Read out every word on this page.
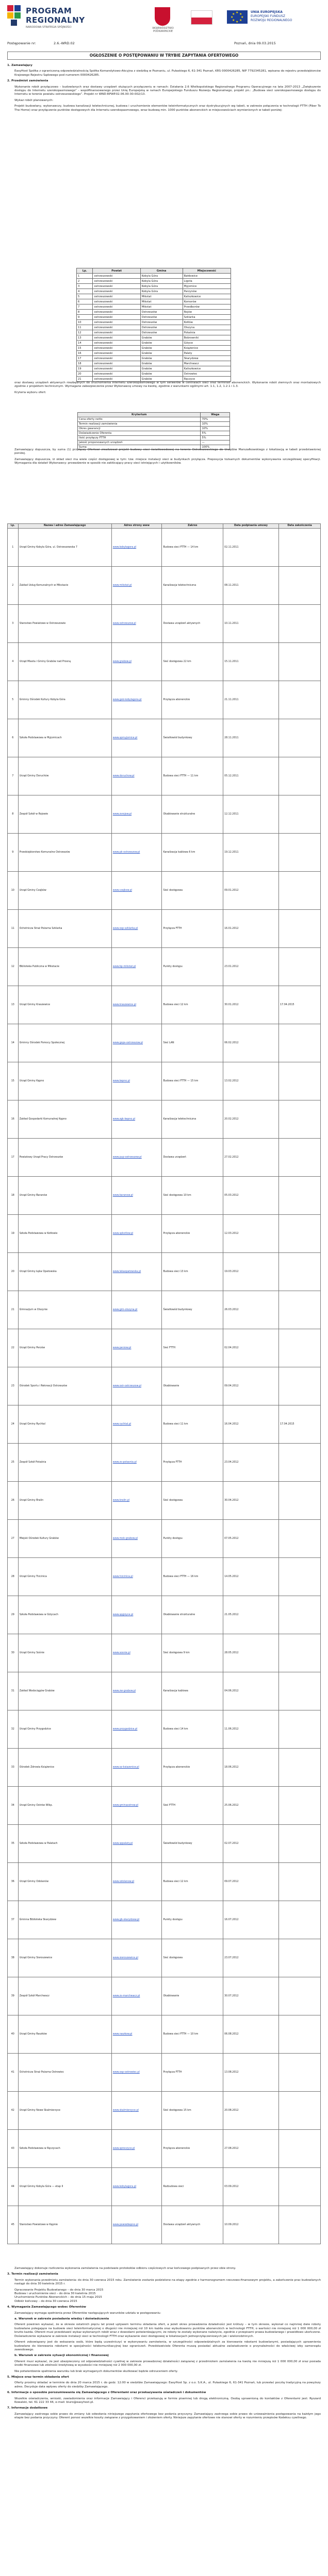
PROGRAM
REGIONALNY
NARODOWA STRATEGIA SPÓJNOŚCI	WOJEWÓDZTWO PODKARPACKIE
★ ★
★
★
★
★
★
★
UNIA EUROPEJSKA
EUROPEJSKI FUNDUSZ
ROZWOJU REGIONALNEGO
Postępowanie nr:	2.6.-WRD.02	Poznań, dnia 09.03.2015
OGŁOSZENIE O POSTĘPOWANIU W TRYBIE ZAPYTANIA OFERTOWEGO

1. Zamawiający

EasyHost Spółka z ograniczoną odpowiedzialnością Spółka Komandytowo-Akcyjna z siedzibą w Poznaniu, ul. Pułaskiego 6, 61-341 Poznań, KRS 0000426285, NIP 7792345281, wpisana do rejestru przedsiębiorców Krajowego Rejestru Sądowego pod numerem 0000426285.

2. Przedmiot zamówienia

Wykonanie robót przyłączowo – budowlanych oraz dostawy urządzeń służących przyłączeniu w ramach: Działania 2.6 Wielkopolskiego Regionalnego Programu Operacyjnego na lata 2007-2013 „Zwiększenie dostępu do Internetu szerokopasmowego” - współfinansowanego przez Unię Europejską w ramach Europejskiego Funduszu Rozwoju Regionalnego, projekt pn.: „Budowa sieci szerokopasmowego dostępu do Internetu w terenie powiatu ostrzeszowskiego”. Projekt nr WND-RPWP.02.06.00-30-002/13.

Wykaz robót planowanych:

Projekt budowlany, wykonawczy, budowa kanalizacji teletechnicznej, budowa i uruchomienie elementów teleinformatycznych oraz dystrybucyjnych wg tabeli, w zakresie połączenia w technologii FTTH (Fiber To The Home) oraz przyłączenie punktów dostępowych dla Internetu szerokopasmowego, wraz budową min. 1000 punktów abonenckich w miejscowościach wymienionych w tabeli poniżej:

Lp.	Powiat	Gmina	Miejscowość
1	ostrzeszowski	Kobyla Góra	Bałdowice
2	ostrzeszowski	Kobyla Góra	Ligota
3	ostrzeszowski	Kobyla Góra	Myjomice
4	ostrzeszowski	Kobyla Góra	Parzynów
5	ostrzeszowski	Mikstat	Kaliszkowice
6	ostrzeszowski	Mikstat	Komorów
7	ostrzeszowski	Mikstat	Przedborów
8	ostrzeszowski	Ostrzeszów	Rojów
9	ostrzeszowski	Ostrzeszów	Szklarka
10	ostrzeszowski	Ostrzeszów	Kotłów
11	ostrzeszowski	Ostrzeszów	Olszyna
12	ostrzeszowski	Ostrzeszów	Potaśnia
13	ostrzeszowski	Grabów	Bobrowniki
14	ostrzeszowski	Grabów	Giżyce
15	ostrzeszowski	Grabów	Książenice
16	ostrzeszowski	Grabów	Palaty
17	ostrzeszowski	Grabów	Skarydzew
18	ostrzeszowski	Grabów	Marchwacz
19	ostrzeszowski	Grabów	Kaliszkowice
20	ostrzeszowski	Grabów	Ostrowiec
21	ostrzeszowski	Grabów	Ręczyce

oraz dostawy urządzeń aktywnych niezbędnych do uruchomienia Internetu szerokopasmowego w tym serwerów w centralach sieci oraz terminali abonenckich. Wykonanie robót ziemnych oraz montażowych zgodnie z projektem technicznym. Wymagane zabezpieczenie przez Wykonawcę umowy na kwotę, zgodnie z warunkami ogólnymi art. 1.1, 1.2, 1.2.1 i 1.3.

Kryteria wyboru ofert:

Kryterium	Waga
Cena oferty netto	70%
Termin realizacji zamówienia	10%
Okres gwarancji	10%
Doświadczenie Oferenta	5%
Ilość przyłączy FTTH	5%
Jakość proponowanych urządzeń	—
Suma	100%

Zamawiający dopuszcza, by suma (1) przyłączy Ofertowi zrealizował projekt budowy sieci światłowodowej na terenie Ostrzeszowskiego do Urzędów Marszałkowskiego z lokalizacją w tabeli przedstawionej poniżej.

Zamawiający dopuszcza, iż skład sieci ma wiele części dostępowej w tym: tzw. miejsce instalacji sieci w budynkach przyłącza. Preposycja tożsamych dokumentów wykonywania szczegółowej specyfikacji. Wymagania dla działań Wykonawcy: prowadzenie w sposób nie zakłócający pracy sieci istniejących i użytkowników.

Lp.	Nazwa i adres Zamawiającego	Adres strony www	Zakres	Data podpisania umowy	Data zakończenia
1	Urząd Gminy Kobyla Góra, ul. Ostrzeszowska 7	www.kobylagora.pl	Budowa sieci FTTH — 14 km	02.11.2011	
2	Zakład Usług Komunalnych w Mikstacie	www.mikstat.pl	Kanalizacja teletechniczna	08.11.2011	
3	Starostwo Powiatowe w Ostrzeszowie	www.ostrzeszow.pl	Dostawa urządzeń aktywnych	10.11.2011	
4	Urząd Miasta i Gminy Grabów nad Prosną	www.grabow.pl	Sieć dostępowa 22 km	15.11.2011	
5	Gminny Ośrodek Kultury Kobyla Góra	www.gok-kobylagora.pl	Przyłącza abonenckie	21.11.2011	
6	Szkoła Podstawowa w Myjomicach	www.spmyjomice.pl	Światłowód budynkowy	28.11.2011	
7	Urząd Gminy Doruchów	www.doruchow.pl	Budowa sieci FTTH — 11 km	05.12.2011	
8	Zespół Szkół w Rojowie	www.zsrojow.pl	Okablowanie strukturalne	12.12.2011	
9	Przedsiębiorstwo Komunalne Ostrzeszów	www.pk-ostrzeszow.pl	Kanalizacja kablowa 6 km	19.12.2011	
10	Urząd Gminy Czajków	www.czajkow.pl	Sieć dostępowa	09.01.2012	
11	Ochotnicza Straż Pożarna Szklarka	www.osp-szklarka.pl	Przyłącza FTTH	16.01.2012	
12	Biblioteka Publiczna w Mikstacie	www.bp-mikstat.pl	Punkty dostępu	23.01.2012	
13	Urząd Gminy Kraszewice	www.kraszewice.pl	Budowa sieci 12 km	30.01.2012	17.04.2015
14	Gminny Ośrodek Pomocy Społecznej	www.gops-ostrzeszow.pl	Sieć LAN	06.02.2012	
15	Urząd Gminy Kępno	www.kepno.pl	Budowa sieci FTTH — 15 km	13.02.2012	
16	Zakład Gospodarki Komunalnej Kępno	www.zgk-kepno.pl	Kanalizacja teletechniczna	20.02.2012	
17	Powiatowy Urząd Pracy Ostrzeszów	www.pup-ostrzeszow.pl	Dostawa urządzeń	27.02.2012	
18	Urząd Gminy Baranów	www.baranow.pl	Sieć dostępowa 10 km	05.03.2012	
19	Szkoła Podstawowa w Kotłowie	www.spkotlow.pl	Przyłącza abonenckie	12.03.2012	
20	Urząd Gminy Łęka Opatowska	www.lekaopatowska.pl	Budowa sieci 13 km	19.03.2012	
21	Gimnazjum w Olszynie	www.gim-olszyna.pl	Światłowód budynkowy	26.03.2012	
22	Urząd Gminy Perzów	www.perzow.pl	Sieć FTTH	02.04.2012	
23	Ośrodek Sportu i Rekreacji Ostrzeszów	www.osir-ostrzeszow.pl	Okablowanie	09.04.2012	
24	Urząd Gminy Rychtal	www.rychtal.pl	Budowa sieci 11 km	16.04.2012	17.04.2015
25	Zespół Szkół Potaśnia	www.zs-potasnia.pl	Przyłącza FTTH	23.04.2012	
26	Urząd Gminy Bralin	www.bralin.pl	Sieć dostępowa	30.04.2012	
27	Miejski Ośrodek Kultury Grabów	www.mok-grabow.pl	Punkty dostępu	07.05.2012	
28	Urząd Gminy Trzcinica	www.trzcinica.pl	Budowa sieci FTTH — 16 km	14.05.2012	
29	Szkoła Podstawowa w Giżycach	www.spgizyce.pl	Okablowanie strukturalne	21.05.2012	
30	Urząd Gminy Sośnie	www.sosnie.pl	Sieć dostępowa 9 km	28.05.2012	
31	Zakład Wodociągów Grabów	www.zw-grabow.pl	Kanalizacja kablowa	04.06.2012	
32	Urząd Gminy Przygodzice	www.przygodzice.pl	Budowa sieci 14 km	11.06.2012	
33	Ośrodek Zdrowia Książenice	www.oz-ksiazenice.pl	Przyłącza abonenckie	18.06.2012	
34	Urząd Gminy Ostrów Wlkp.	www.gminaostrow.pl	Sieć FTTH	25.06.2012	
35	Szkoła Podstawowa w Palatach	www.sppalaty.pl	Światłowód budynkowy	02.07.2012	
36	Urząd Gminy Odolanów	www.odolanow.pl	Budowa sieci 12 km	09.07.2012	
37	Gminna Biblioteka Skarydzew	www.gb-skarydzew.pl	Punkty dostępu	16.07.2012	
38	Urząd Gminy Sieroszewice	www.sieroszewice.pl	Sieć dostępowa	23.07.2012	
39	Zespół Szkół Marchwacz	www.zs-marchwacz.pl	Okablowanie	30.07.2012	
40	Urząd Gminy Raszków	www.raszkow.pl	Budowa sieci FTTH — 10 km	06.08.2012	
41	Ochotnicza Straż Pożarna Ostrowiec	www.osp-ostrowiec.pl	Przyłącza FTTH	13.08.2012	
42	Urząd Gminy Nowe Skalmierzyce	www.skalmierzyce.pl	Sieć dostępowa 15 km	20.08.2012	
43	Szkoła Podstawowa w Ręczycach	www.spreczyce.pl	Przyłącza abonenckie	27.08.2012	
44	Urząd Gminy Kobyla Góra — etap II	www.kobylagora.pl	Rozbudowa sieci	03.09.2012	
45	Starostwo Powiatowe w Kępnie	www.powiatkepno.pl	Dostawa urządzeń aktywnych	10.09.2012	

Zamawiający dokonuje rozliczenia wykonania zamówienia na podstawie protokołów odbioru częściowych oraz końcowego podpisanych przez obie strony.

3. Termin realizacji zamówienia

Termin wykonania przedmiotu zamówienia: do dnia 30 czerwca 2015 roku. Zamówienie zostanie podzielone na etapy zgodnie z harmonogramem rzeczowo-finansowym projektu, a zakończenie prac budowlanych nastąpi do dnia 30 kwietnia 2015 r.

Opracowanie Projektu Budowlanego – do dnia 30 marca 2015
Budowa i uruchomienie sieci – do dnia 30 kwietnia 2015
Uruchomienie Punktów Abonenckich – do dnia 15 maja 2015
Odbiór końcowy – do dnia 30 czerwca 2015

4. Wymagania Zamawiającego wobec Oferentów

Zamawiający wymaga spełnienia przez Oferentów następujących warunków udziału w postępowaniu:

a. Warunek w zakresie posiadania wiedzy i doświadczenia

Oferent powinien wykazać, że w okresie ostatnich pięciu lat przed upływem terminu składania ofert, a jeżeli okres prowadzenia działalności jest krótszy – w tym okresie, wykonał co najmniej dwie roboty budowlane polegające na budowie sieci teleinformatycznej o długości nie mniejszej niż 10 km każda oraz wybudowaniu punktów abonenckich w technologii FTTH, o wartości nie mniejszej niż 1 000 000,00 zł brutto każda. Oferent musi przedstawić wykaz wykonanych robót wraz z dowodami potwierdzającymi, że roboty te zostały wykonane należycie, zgodnie z przepisami prawa budowlanego i prawidłowo ukończone. Doświadczenie wykazane w zakresie instalacji sieci w technologii FTTH oraz wykazanie sieci dostępowej w lokalizacjach jednoprzyłączeniowych jak i wielorodzinnych.

Oferent zobowiązany jest do wskazania osób, które będą uczestniczyć w wykonywaniu zamówienia, w szczególności odpowiedzialnych za kierowanie robotami budowlanymi, posiadających uprawnienia budowlane do kierowania robotami w specjalności telekomunikacyjnej bez ograniczeń. Przedstawiciele Oferenta muszą posiadać aktualne zaświadczenie o przynależności do właściwej izby samorządu zawodowego.

b. Warunek w zakresie sytuacji ekonomicznej i finansowej

Oferent musi wykazać, że jest ubezpieczony od odpowiedzialności cywilnej w zakresie prowadzonej działalności związanej z przedmiotem zamówienia na kwotę nie mniejszą niż 1 000 000,00 zł oraz posiada środki finansowe lub zdolność kredytową w wysokości nie mniejszej niż 2 000 000,00 zł.

Nie potwierdzenie spełnienia warunku lub brak wymaganych dokumentów skutkować będzie odrzuceniem oferty.

5. Miejsce oraz termin składania ofert

Oferty prosimy składać w terminie do dnia 20 marca 2015 r. do godz. 12:00 w siedzibie Zamawiającego: EasyHost Sp. z o.o. S.K.A., ul. Pułaskiego 6, 61-341 Poznań, lub przesłać pocztą tradycyjną na powyższy adres. Decyduje data wpływu oferty do siedziby Zamawiającego.

6. Informacje o sposobie porozumiewania się Zamawiającego z Oferentami oraz przekazywania oświadczeń i dokumentów

Wszelkie oświadczenia, wnioski, zawiadomienia oraz informacje Zamawiający i Oferenci przekazują w formie pisemnej lub drogą elektroniczną. Osobą uprawnioną do kontaktów z Oferentami jest: Ryszard Kowalski, tel. 61 222 33 44, e-mail: biuro@easyhost.pl.

7. Informacje dodatkowe

Zamawiający zastrzega sobie prawo do zmiany lub odwołania niniejszego zapytania ofertowego bez podania przyczyny. Zamawiający zastrzega sobie prawo do unieważnienia postępowania na każdym jego etapie bez podania przyczyny. Oferent ponosi wszelkie koszty związane z przygotowaniem i złożeniem oferty. Niniejsze zapytanie ofertowe nie stanowi oferty w rozumieniu przepisów Kodeksu cywilnego.
